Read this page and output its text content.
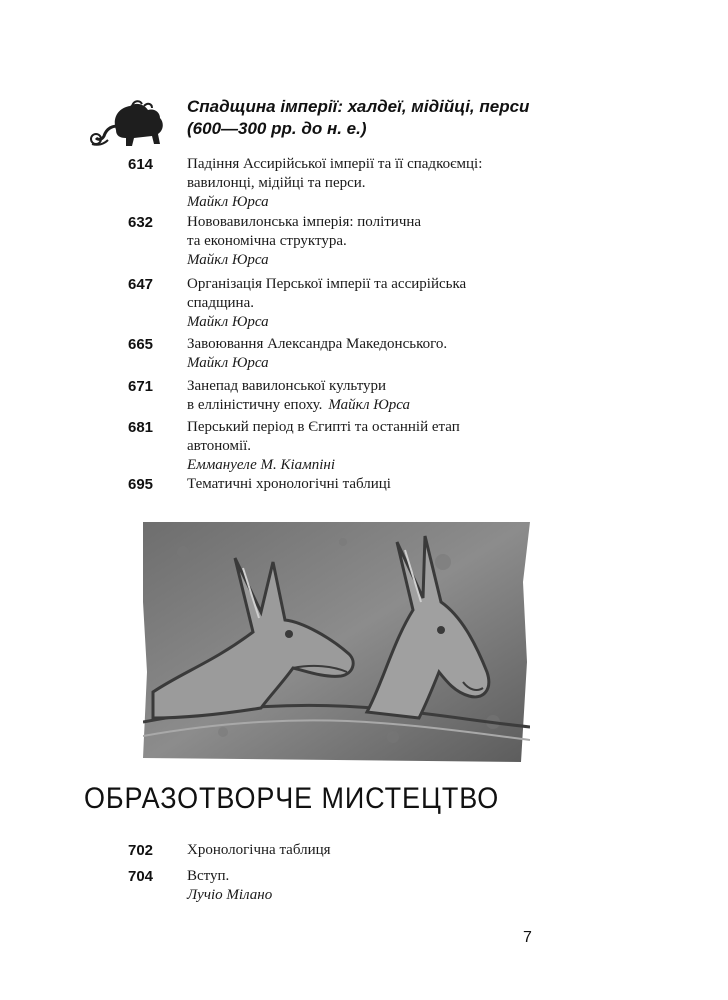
Спадщина імперії: халдеї, мідійці, перси
(600—300 рр. до н. е.)
614	Падіння Ассирійської імперії та її спадкоємці:
вавилонці, мідійці та перси.
Майкл Юрса
632	Нововавилонська імперія: політична
та економічна структура.
Майкл Юрса
647	Організація Перської імперії та ассирійська
спадщина.
Майкл Юрса
665	Завоювання Александра Македонського.
Майкл Юрса
671	Занепад вавилонської культури
в елліністичну епоху. Майкл Юрса
681	Перський період в Єгипті та останній етап
автономії.
Еммануеле М. Кіампіні
695	Тематичні хронологічні таблиці
ОБРАЗОТВОРЧЕ МИСТЕЦТВО
702	Хронологічна таблиця
704	Вступ.
Лучіо Мілано
7
